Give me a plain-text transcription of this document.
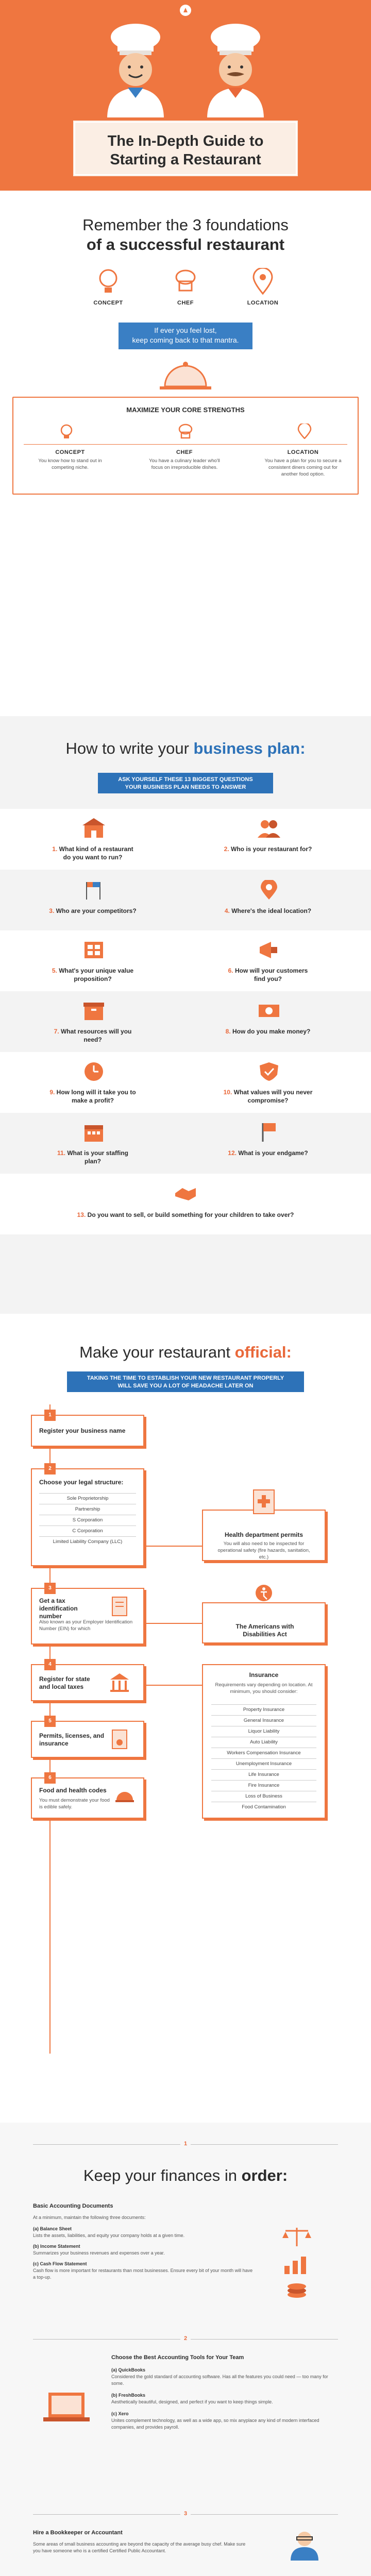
The In-Depth Guide to
Starting a Restaurant
Remember the 3 foundations
of a successful restaurant
CONCEPT	CHEF	LOCATION
If ever you feel lost,
keep coming back to that mantra.
MAXIMIZE YOUR CORE STRENGTHS
CONCEPT
You know how to stand out in competing niche.
CHEF
You have a culinary leader who'll focus on irreproducible dishes.
LOCATION
You have a plan for you to secure a consistent diners coming out for another food option.
How to write your business plan:
ASK YOURSELF THESE 13 BIGGEST QUESTIONS
YOUR BUSINESS PLAN NEEDS TO ANSWER
1. What kind of a restaurant
do you want to run?
2. Who is your restaurant for?
3. Who are your competitors?	4. Where's the ideal location?
5. What's your unique value
proposition?
6. How will your customers
find you?
7. What resources will you
need?
8. How do you make money?
9. How long will it take you to
make a profit?
10. What values will you never
compromise?
11. What is your staffing
plan?
12. What is your endgame?
13. Do you want to sell, or build something for your children to take over?
Make your restaurant official:
TAKING THE TIME TO ESTABLISH YOUR NEW RESTAURANT PROPERLY
WILL SAVE YOU A LOT OF HEADACHE LATER ON
Register your business name
1
Choose your legal structure:
Sole Proprietorship
Partnership
S Corporation
C Corporation
Limited Liability Company (LLC)
2
Get a tax identification number
Also known as your Employer Identification Number (EIN) for which
3
Register for state and local taxes
4
Permits, licenses, and insurance
5
Food and health codes
You must demonstrate your food is edible safely.
6
Health department permits
You will also need to be inspected for operational safety (fire hazards, sanitation, etc.)
The Americans with Disabilities Act
Insurance
Requirements vary depending on location. At minimum, you should consider:
Property Insurance
General Insurance
Liquor Liability
Auto Liability
Workers Compensation Insurance
Unemployment Insurance
Life Insurance
Fire Insurance
Loss of Business
Food Contamination
Keep your finances in order:
1
Basic Accounting Documents
At a minimum, maintain the following three documents:
(a) Balance Sheet
Lists the assets, liabilities, and equity your company holds at a given time.
(b) Income Statement
Summarizes your business revenues and expenses over a year.
(c) Cash Flow Statement
Cash flow is more important for restaurants than most businesses. Ensure every bit of your month will have a top-up.
2
Choose the Best Accounting Tools for Your Team
(a) QuickBooks
Considered the gold standard of accounting software. Has all the features you could need — too many for some.
(b) FreshBooks
Aesthetically beautiful, designed, and perfect if you want to keep things simple.
(c) Xero
Unites complement technology, as well as a wide app, so mix anyplace any kind of modern interfaced companies, and provides payroll.
3
Hire a Bookkeeper or Accountant
Some areas of small business accounting are beyond the capacity of the average busy chef. Make sure you have someone who is a certified Certified Public Accountant.
